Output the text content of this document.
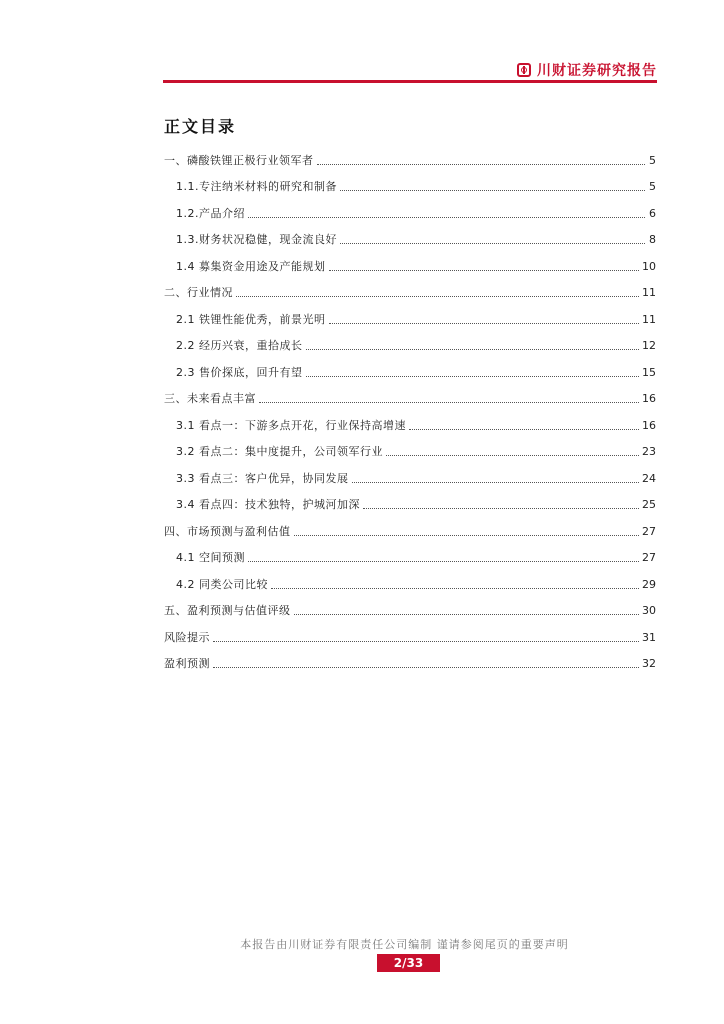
川财证券研究报告
正文目录
一、磷酸铁锂正极行业领军者	5
1.1.专注纳米材料的研究和制备	5
1.2.产品介绍	6
1.3.财务状况稳健，现金流良好	8
1.4 募集资金用途及产能规划	10
二、行业情况	11
2.1 铁锂性能优秀，前景光明	11
2.2 经历兴衰，重拾成长	12
2.3 售价探底，回升有望	15
三、未来看点丰富	16
3.1 看点一：下游多点开花，行业保持高增速	16
3.2 看点二：集中度提升，公司领军行业	23
3.3 看点三：客户优异，协同发展	24
3.4 看点四：技术独特，护城河加深	25
四、市场预测与盈利估值	27
4.1 空间预测	27
4.2 同类公司比较	29
五、盈利预测与估值评级	30
风险提示	31
盈利预测	32
本报告由川财证券有限责任公司编制 谨请参阅尾页的重要声明
2/33
